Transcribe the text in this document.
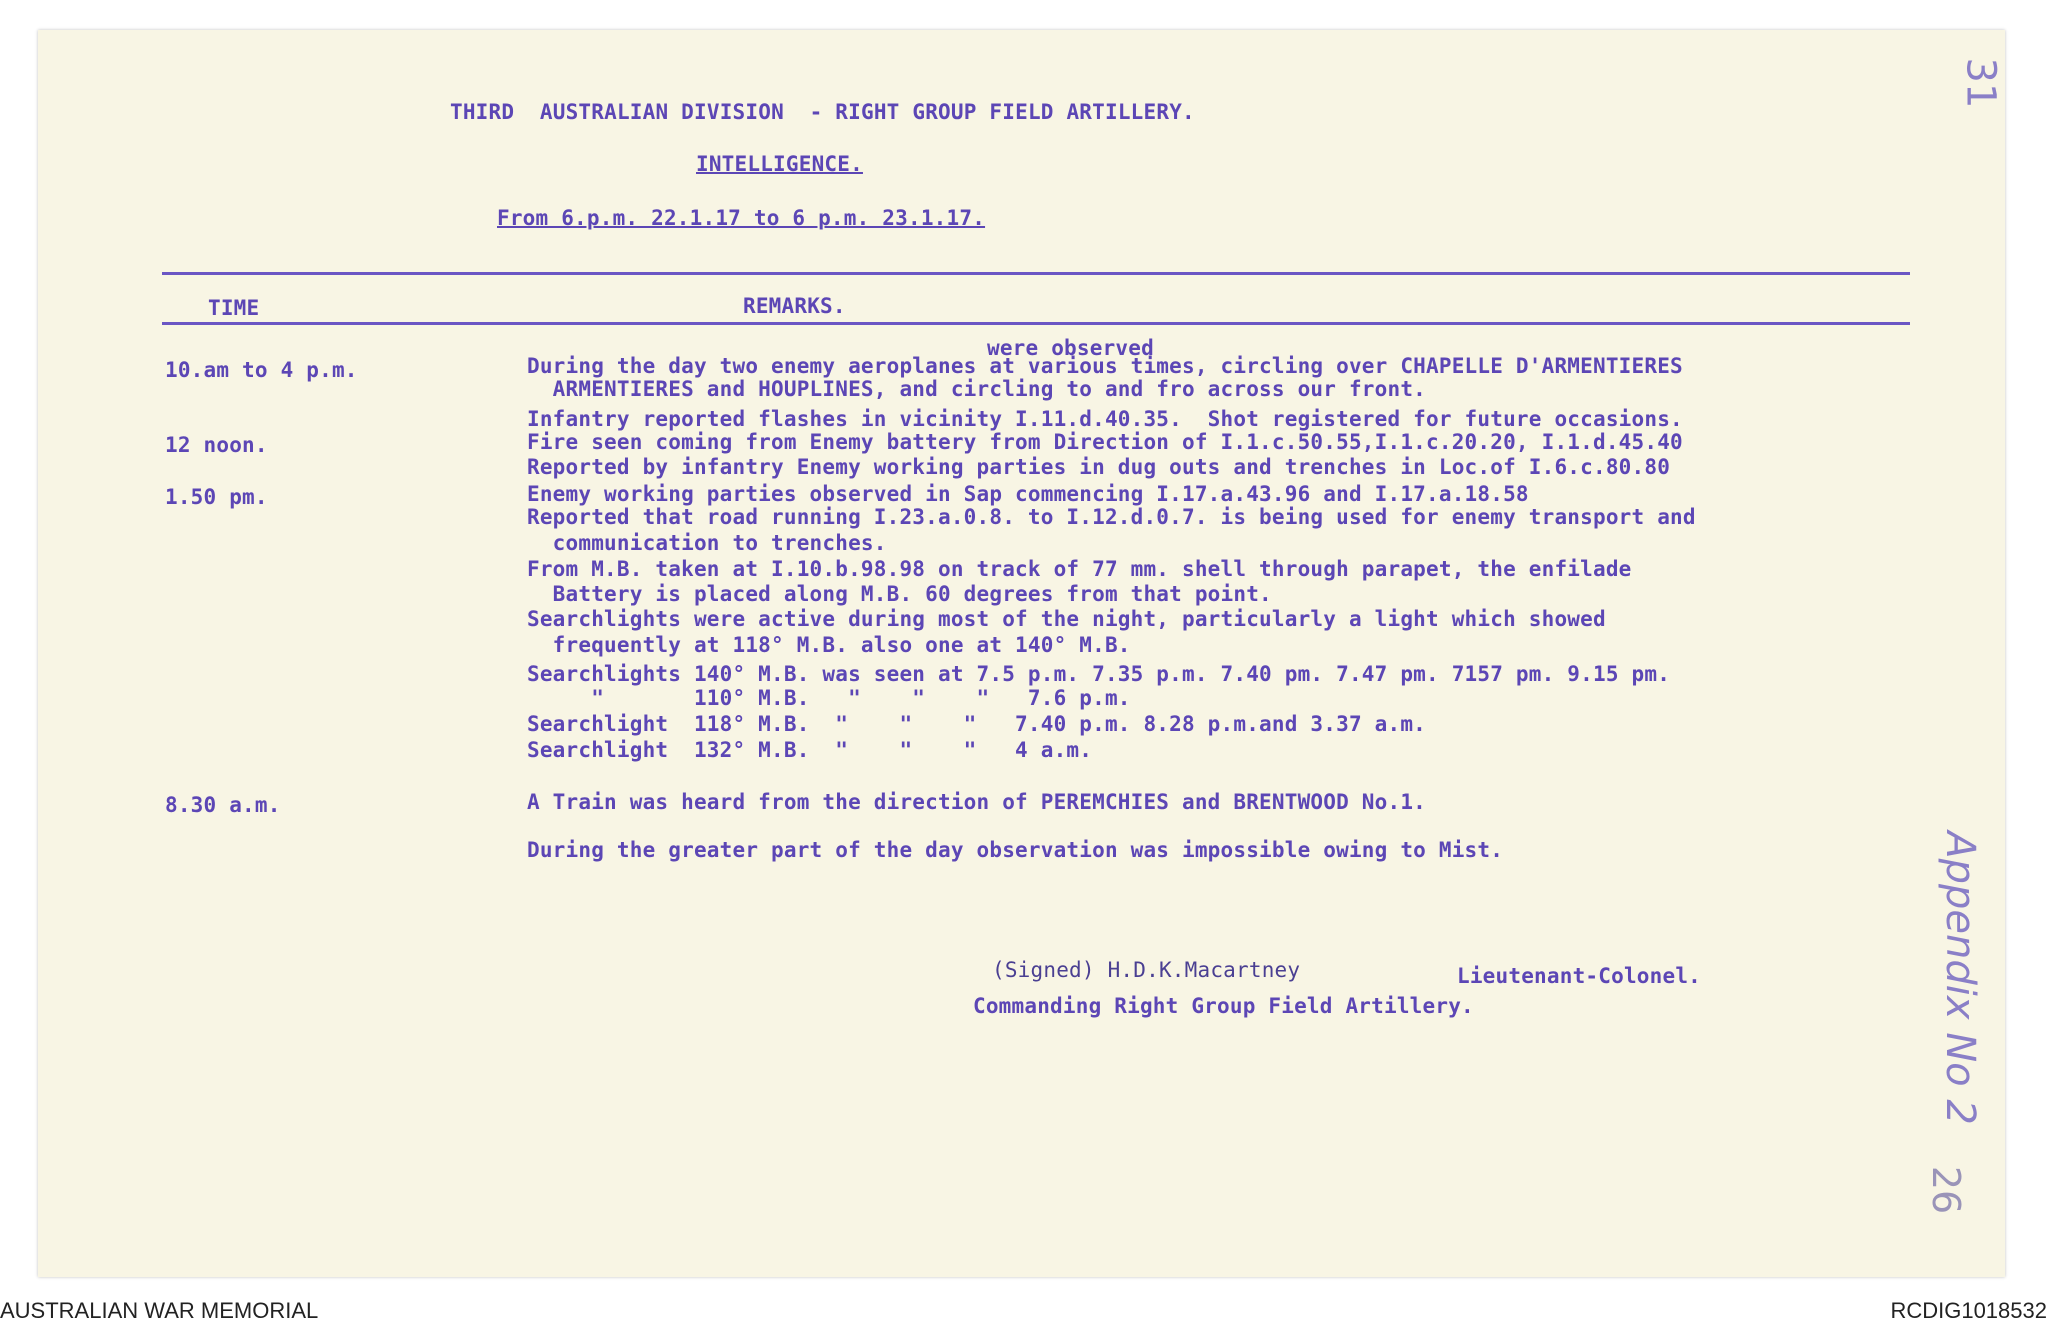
THIRD  AUSTRALIAN DIVISION  - RIGHT GROUP FIELD ARTILLERY.
INTELLIGENCE.
From 6.p.m. 22.1.17 to 6 p.m. 23.1.17.
TIME	REMARKS.
were observed
10.am to 4 p.m.	During the day two enemy aeroplanes at various times, circling over CHAPELLE D'ARMENTIERES
ARMENTIERES and HOUPLINES, and circling to and fro across our front.
Infantry reported flashes in vicinity I.11.d.40.35.  Shot registered for future occasions.
12 noon.	Fire seen coming from Enemy battery from Direction of I.1.c.50.55,I.1.c.20.20, I.1.d.45.40
Reported by infantry Enemy working parties in dug outs and trenches in Loc.of I.6.c.80.80
1.50 pm.	Enemy working parties observed in Sap commencing I.17.a.43.96 and I.17.a.18.58
Reported that road running I.23.a.0.8. to I.12.d.0.7. is being used for enemy transport and
communication to trenches.
From M.B. taken at I.10.b.98.98 on track of 77 mm. shell through parapet, the enfilade
Battery is placed along M.B. 60 degrees from that point.
Searchlights were active during most of the night, particularly a light which showed
frequently at 118° M.B. also one at 140° M.B.
Searchlights 140° M.B. was seen at 7.5 p.m. 7.35 p.m. 7.40 pm. 7.47 pm. 7157 pm. 9.15 pm.
"       110° M.B.   "    "    "   7.6 p.m.
Searchlight  118° M.B.  "    "    "   7.40 p.m. 8.28 p.m.and 3.37 a.m.
Searchlight  132° M.B.  "    "    "   4 a.m.
8.30 a.m.	A Train was heard from the direction of PEREMCHIES and BRENTWOOD No.1.
During the greater part of the day observation was impossible owing to Mist.
(Signed) H.D.K.Macartney	Lieutenant-Colonel.
Commanding Right Group Field Artillery.
31
Appendix No 2
26
AUSTRALIAN WAR MEMORIAL	RCDIG1018532
